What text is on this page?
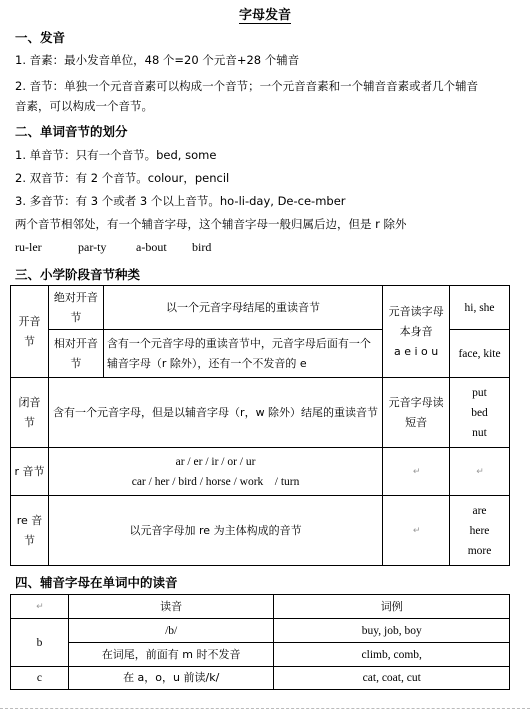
字母发音
一、发音
1. 音素：最小发音单位，48 个=20 个元音+28 个辅音
2. 音节：单独一个元音音素可以构成一个音节；一个元音音素和一个辅音音素或者几个辅音
音素，可以构成一个音节。
二、单词音节的划分
1. 单音节：只有一个音节。bed, some
2. 双音节：有 2 个音节。colour，pencil
3. 多音节：有 3 个或者 3 个以上音节。ho-li-day, De-ce-mber
两个音节相邻处，有一个辅音字母，这个辅音字母一般归属后边，但是 r 除外
ru-ler	par-ty a-bout bird
三、小学阶段音节种类
开音节	绝对开音节	以一个元音字母结尾的重读音节	元音读字母本身音
a e i o u	hi, she
	相对开音节	含有一个元音字母的重读音节中，元音字母后面有一个辅音字母（r 除外），还有一个不发音的 e		face, kite
闭音节	含有一个元音字母，但是以辅音字母（r，w 除外）结尾的重读音节		元音字母读短音	put
bed
nut

r 音节	ar / er / ir / or / ur
car / her / bird / horse / work　/ turn		↵	↵
re 音节	以元音字母加 re 为主体构成的音节		↵	are
here
more
四、辅音字母在单词中的读音
↵	读音	词例
b	/b/	buy, job, boy
	在词尾，前面有 m 时不发音	climb, comb,
c	在 a，o，u 前读/k/	cat, coat, cut
